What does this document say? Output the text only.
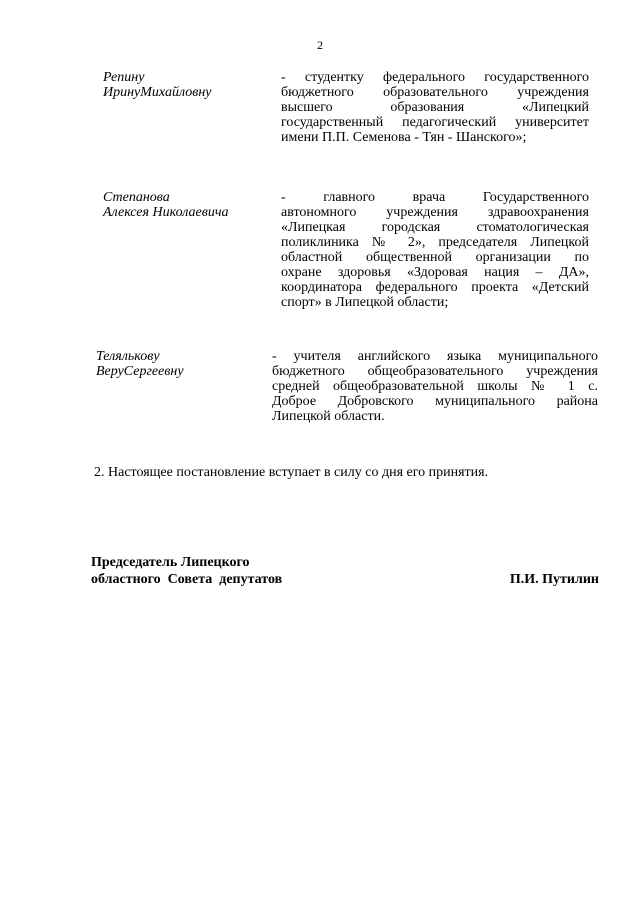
2
Репину
ИринуМихайловну
- студентку федерального государственного
бюджетного образовательного учреждения
высшего образования «Липецкий
государственный педагогический университет
имени П.П. Семенова - Тян - Шанского»;
Степанова
Алексея Николаевича
- главного врача Государственного
автономного учреждения здравоохранения
«Липецкая городская стоматологическая
поликлиника № 2», председателя Липецкой
областной общественной организации по
охране здоровья «Здоровая нация – ДА»,
координатора федерального проекта «Детский
спорт» в Липецкой области;
Телялькову
ВеруСергеевну
- учителя английского языка муниципального
бюджетного общеобразовательного учреждения
средней общеобразовательной школы № 1 с.
Доброе Добровского муниципального района
Липецкой области.
2. Настоящее постановление вступает в силу со дня его принятия.
Председатель Липецкого
областного  Совета  депутатов	П.И. Путилин
